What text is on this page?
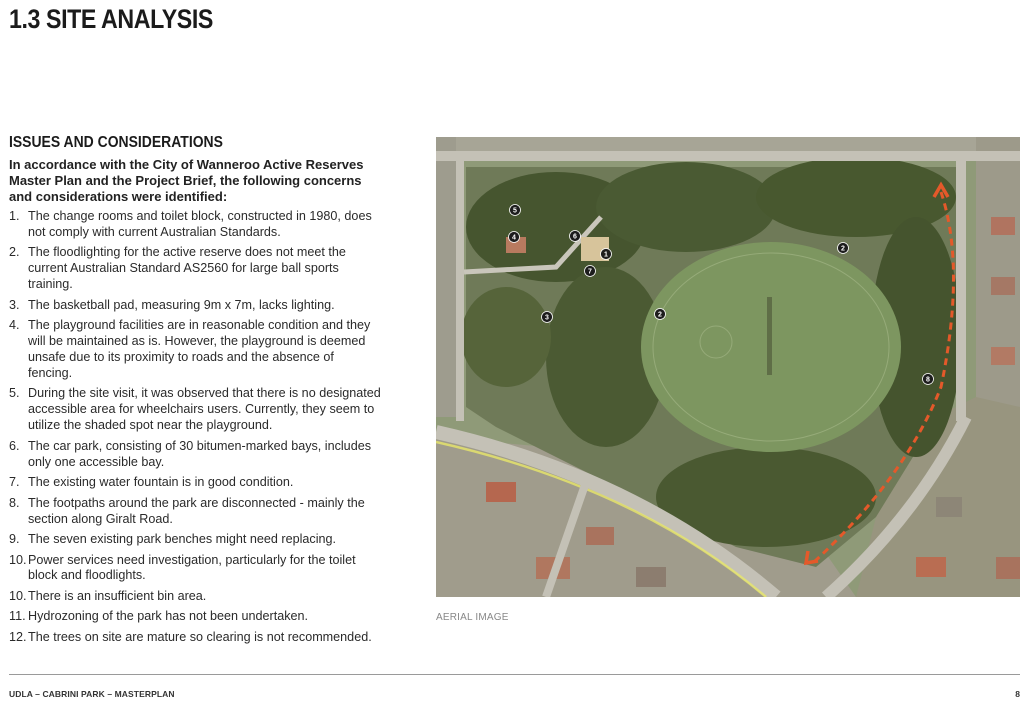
1.3 SITE ANALYSIS
ISSUES AND CONSIDERATIONS

In accordance with the City of Wanneroo Active Reserves Master Plan and the Project Brief, the following concerns and considerations were identified:

1. The change rooms and toilet block, constructed in 1980, does not comply with current Australian Standards.
2. The floodlighting for the active reserve does not meet the current Australian Standard AS2560 for large ball sports training.
3. The basketball pad, measuring 9m x 7m, lacks lighting.
4. The playground facilities are in reasonable condition and they will be maintained as is. However, the playground is deemed unsafe due to its proximity to roads and the absence of fencing.
5. During the site visit, it was observed that there is no designated accessible area for wheelchairs users. Currently, they seem to utilize the shaded spot near the playground.
6. The car park, consisting of 30 bitumen-marked bays, includes only one accessible bay.
7. The existing water fountain is in good condition.
8. The footpaths around the park are disconnected - mainly the section along Giralt Road.
9. The seven existing park benches might need replacing.
10. Power services need investigation, particularly for the toilet block and floodlights.
10. There is an insufficient bin area.
11. Hydrozoning of the park has not been undertaken.
12. The trees on site are mature so clearing is not recommended.
5
4	6
1
7
2
3	2
8
AERIAL IMAGE
UDLA – CABRINI PARK – MASTERPLAN	8
